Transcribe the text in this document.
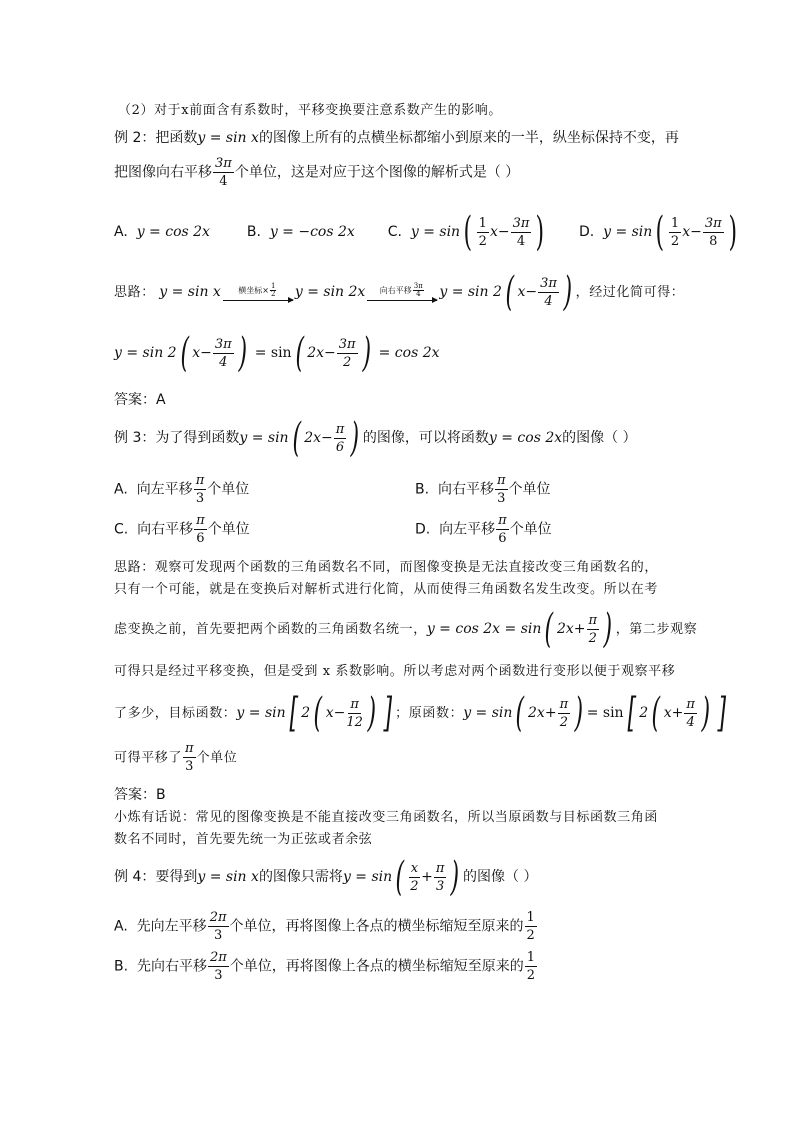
（2）对于x前面含有系数时，平移变换要注意系数产生的影响。
例 2：把函数y = sin x的图像上所有的点横坐标都缩小到原来的一半，纵坐标保持不变，再
把图像向右平移 $\frac{3\pi}{4}$ 个单位，这是对应于这个图像的解析式是（ ）
A. y = cos 2x	B. y = −cos 2x C. y = sin ( 1
2
$x- \frac{3\pi}{4}$ ) D. y = sin ( 1
2
$x- \frac{3\pi}{8}$ )
思路： y = sin x 横坐标× $\frac{1}{2}$ y = sin 2x 向右平移 3π
4 y = sin 2 ( $x- \frac{3\pi}{4}$ ) ，经过化简可得：
y = sin 2 ( $x- \frac{3\pi}{4}$ ) = sin ( $2x- \frac{3\pi}{2}$ ) = cos 2x
答案：A
例 3：为了得到函数y = sin ( $2x- \frac{\pi}{6}$ ) 的图像，可以将函数y = cos 2x的图像（ ）
A. 向左平移 $\frac{\pi}{3}$ 个单位	B. 向右平移 $\frac{\pi}{3}$ 个单位
C. 向右平移 $\frac{\pi}{6}$ 个单位	D. 向左平移 $\frac{\pi}{6}$ 个单位
思路：观察可发现两个函数的三角函数名不同，而图像变换是无法直接改变三角函数名的，
只有一个可能，就是在变换后对解析式进行化简，从而使得三角函数名发生改变。所以在考
虑变换之前，首先要把两个函数的三角函数名统一，y = cos 2x = sin ( $2x+ \frac{\pi}{2}$ ) ，第二步观察
可得只是经过平移变换，但是受到 x 系数影响。所以考虑对两个函数进行变形以便于观察平移
了多少，目标函数：y = sin [ 2 ( $x- \frac{\pi}{12}$ ) ] ；原函数：y = sin ( $2x+ \frac{\pi}{2}$ ) = sin [ 2 ( $x+ \frac{\pi}{4}$ ) ]
可得平移了 $\frac{\pi}{3}$ 个单位
答案：B
小炼有话说：常见的图像变换是不能直接改变三角函数名，所以当原函数与目标函数三角函
数名不同时，首先要先统一为正弦或者余弦
例 4：要得到y = sin x的图像只需将y = sin ( x
2
+ $\frac{\pi}{3}$ ) 的图像（ ）
A. 先向左平移 $\frac{2\pi}{3}$ 个单位，再将图像上各点的横坐标缩短至原来的 $\frac{1}{2}$
B. 先向右平移 $\frac{2\pi}{3}$ 个单位，再将图像上各点的横坐标缩短至原来的 $\frac{1}{2}$
